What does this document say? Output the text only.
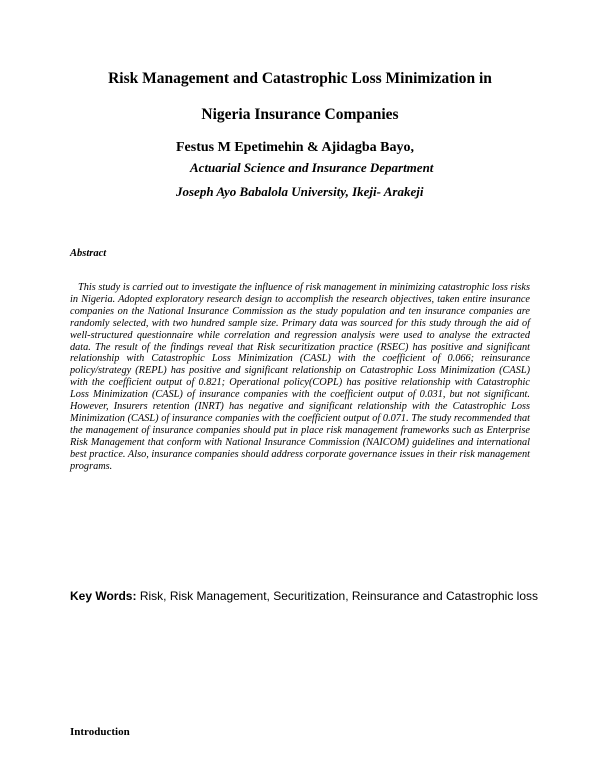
Risk Management and Catastrophic Loss Minimization in
Nigeria Insurance Companies
Festus M Epetimehin & Ajidagba Bayo,
Actuarial Science and Insurance Department
Joseph Ayo Babalola University, Ikeji- Arakeji
Abstract

This study is carried out to investigate the influence of risk management in minimizing catastrophic loss risks in Nigeria. Adopted exploratory research design to accomplish the research objectives, taken entire insurance companies on the National Insurance Commission as the study population and ten insurance companies are randomly selected, with two hundred sample size. Primary data was sourced for this study through the aid of well-structured questionnaire while correlation and regression analysis were used to analyse the extracted data. The result of the findings reveal that Risk securitization practice (RSEC) has positive and significant relationship with Catastrophic Loss Minimization (CASL) with the coefficient of 0.066; reinsurance policy/strategy (REPL) has positive and significant relationship on Catastrophic Loss Minimization (CASL) with the coefficient output of 0.821; Operational policy(COPL) has positive relationship with Catastrophic Loss Minimization (CASL) of insurance companies with the coefficient output of 0.031, but not significant. However, Insurers retention (INRT) has negative and significant relationship with the Catastrophic Loss Minimization (CASL) of insurance companies with the coefficient output of 0.071. The study recommended that the management of insurance companies should put in place risk management frameworks such as Enterprise Risk Management that conform with National Insurance Commission (NAICOM) guidelines and international best practice. Also, insurance companies should address corporate governance issues in their risk management programs.

Key Words: Risk, Risk Management, Securitization, Reinsurance and Catastrophic loss
Introduction
